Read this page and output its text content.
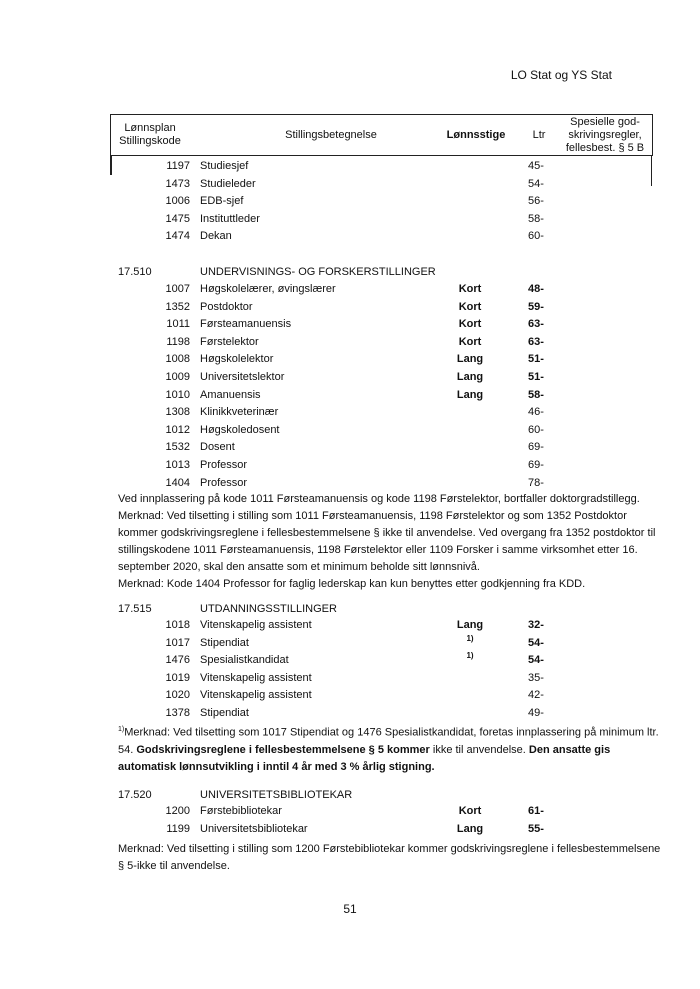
LO Stat og YS Stat
Lønnsplan
Stillingskode	Stillingsbetegnelse	Lønnsstige	Ltr
Spesielle god-
skrivingsregler,
fellesbest. § 5 B
1197 Studiesjef	45-
1473 Studieleder	54-
1006 EDB-sjef	56-
1475 Instituttleder	58-
1474 Dekan	60-
17.510	UNDERVISNINGS- OG FORSKERSTILLINGER
1007 Høgskolelærer, øvingslærer	Kort	48-
1352 Postdoktor	Kort	59-
1011 Førsteamanuensis	Kort	63-
1198 Førstelektor	Kort	63-
1008 Høgskolelektor	Lang	51-
1009 Universitetslektor	Lang	51-
1010 Amanuensis	Lang	58-
1308 Klinikkveterinær	46-
1012 Høgskoledosent	60-
1532 Dosent	69-
1013 Professor	69-
1404 Professor	78-

Ved innplassering på kode 1011 Førsteamanuensis og kode 1198 Førstelektor, bortfaller doktorgradstillegg.

Merknad: Ved tilsetting i stilling som 1011 Førsteamanuensis, 1198 Førstelektor og som 1352 Postdoktor kommer godskrivingsreglene i fellesbestemmelsene § ikke til anvendelse. Ved overgang fra 1352 postdoktor til stillingskodene 1011 Førsteamanuensis, 1198 Førstelektor eller 1109 Forsker i samme virksomhet etter 16. september 2020, skal den ansatte som et minimum beholde sitt lønnsnivå.

Merknad: Kode 1404 Professor for faglig lederskap kan kun benyttes etter godkjenning fra KDD.

17.515	UTDANNINGSSTILLINGER
1018 Vitenskapelig assistent	Lang	32-
1017 Stipendiat	1)	54-
1476 Spesialistkandidat	1)	54-
1019 Vitenskapelig assistent	35-
1020 Vitenskapelig assistent	42-
1378 Stipendiat	49-

$^{1)}$Merknad: Ved tilsetting som 1017 Stipendiat og 1476 Spesialistkandidat, foretas innplassering på minimum ltr. 54. Godskrivingsreglene i fellesbestemmelsene § 5 kommer ikke til anvendelse. Den ansatte gis automatisk lønnsutvikling i inntil 4 år med 3 % årlig stigning.

17.520	UNIVERSITETSBIBLIOTEKAR
1200 Førstebibliotekar	Kort	61-
1199 Universitetsbibliotekar	Lang	55-

Merknad: Ved tilsetting i stilling som 1200 Førstebibliotekar kommer godskrivingsreglene i fellesbestemmelsene § 5-ikke til anvendelse.

51
